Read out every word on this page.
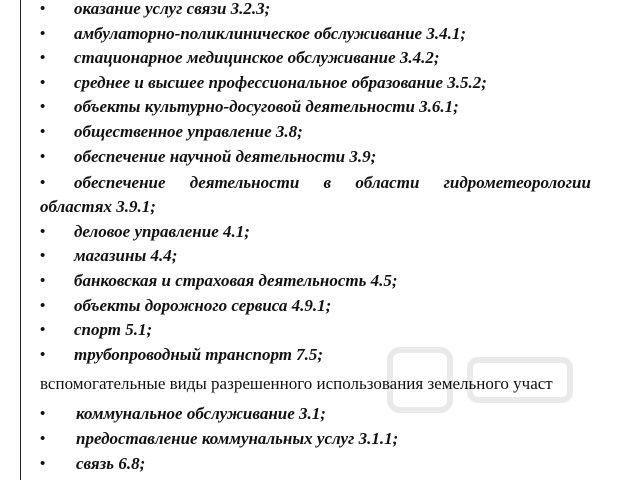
•	оказание услуг связи 3.2.3;
•	амбулаторно-поликлиническое обслуживание 3.4.1;
•	стационарное медицинское обслуживание 3.4.2;
•	среднее и высшее профессиональное образование 3.5.2;
•	объекты культурно-досуговой деятельности 3.6.1;
•	общественное управление 3.8;
•	обеспечение научной деятельности 3.9;
•	обеспечение деятельности в области гидрометеорологии
областях 3.9.1;
•	деловое управление 4.1;
•	магазины 4.4;
•	банковская и страховая деятельность 4.5;
•	объекты дорожного сервиса 4.9.1;
•	спорт 5.1;
•	трубопроводный транспорт 7.5;
вспомогательные виды разрешенного использования земельного участ
•	коммунальное обслуживание 3.1;
•	предоставление коммунальных услуг 3.1.1;
•	связь 6.8;
